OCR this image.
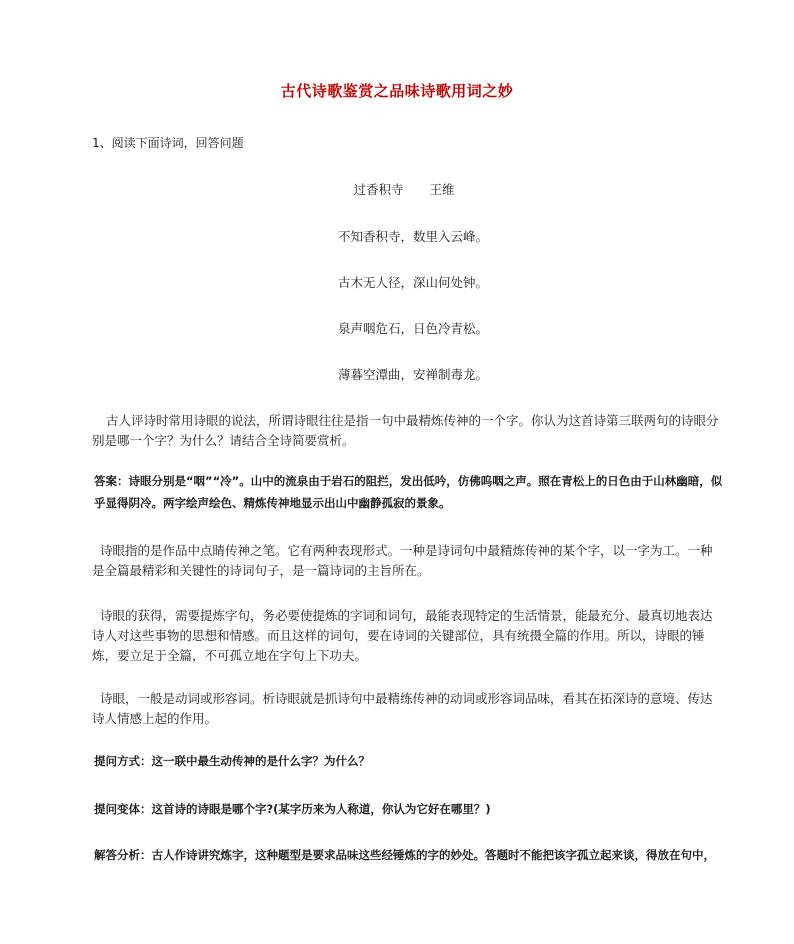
古代诗歌鉴赏之品味诗歌用词之妙
1、阅读下面诗词，回答问题
过香积寺 王维
不知香积寺，数里入云峰。
古木无人径，深山何处钟。
泉声咽危石，日色冷青松。
薄暮空潭曲，安禅制毒龙。

古人评诗时常用诗眼的说法，所谓诗眼往往是指一句中最精炼传神的一个字。你认为这首诗第三联两句的诗眼分别是哪一个字？为什么？请结合全诗简要赏析。

答案：诗眼分别是“咽”“冷”。山中的流泉由于岩石的阻拦，发出低吟，仿佛呜咽之声。照在青松上的日色由于山林幽暗，似乎显得阴冷。两字绘声绘色、精炼传神地显示出山中幽静孤寂的景象。

诗眼指的是作品中点睛传神之笔。它有两种表现形式。一种是诗词句中最精炼传神的某个字，以一字为工。一种是全篇最精彩和关键性的诗词句子，是一篇诗词的主旨所在。

诗眼的获得，需要提炼字句，务必要使提炼的字词和词句，最能表现特定的生活情景，能最充分、最真切地表达诗人对这些事物的思想和情感。而且这样的词句，要在诗词的关键部位，具有统摄全篇的作用。所以，诗眼的锤炼，要立足于全篇，不可孤立地在字句上下功夫。

诗眼，一般是动词或形容词。析诗眼就是抓诗句中最精练传神的动词或形容词品味，看其在拓深诗的意境、传达诗人情感上起的作用。

提问方式：这一联中最生动传神的是什么字？为什么？

提问变体：这首诗的诗眼是哪个字?(某字历来为人称道，你认为它好在哪里？)

解答分析：古人作诗讲究炼字，这种题型是要求品味这些经锤炼的字的妙处。答题时不能把该字孤立起来谈，得放在句中，
